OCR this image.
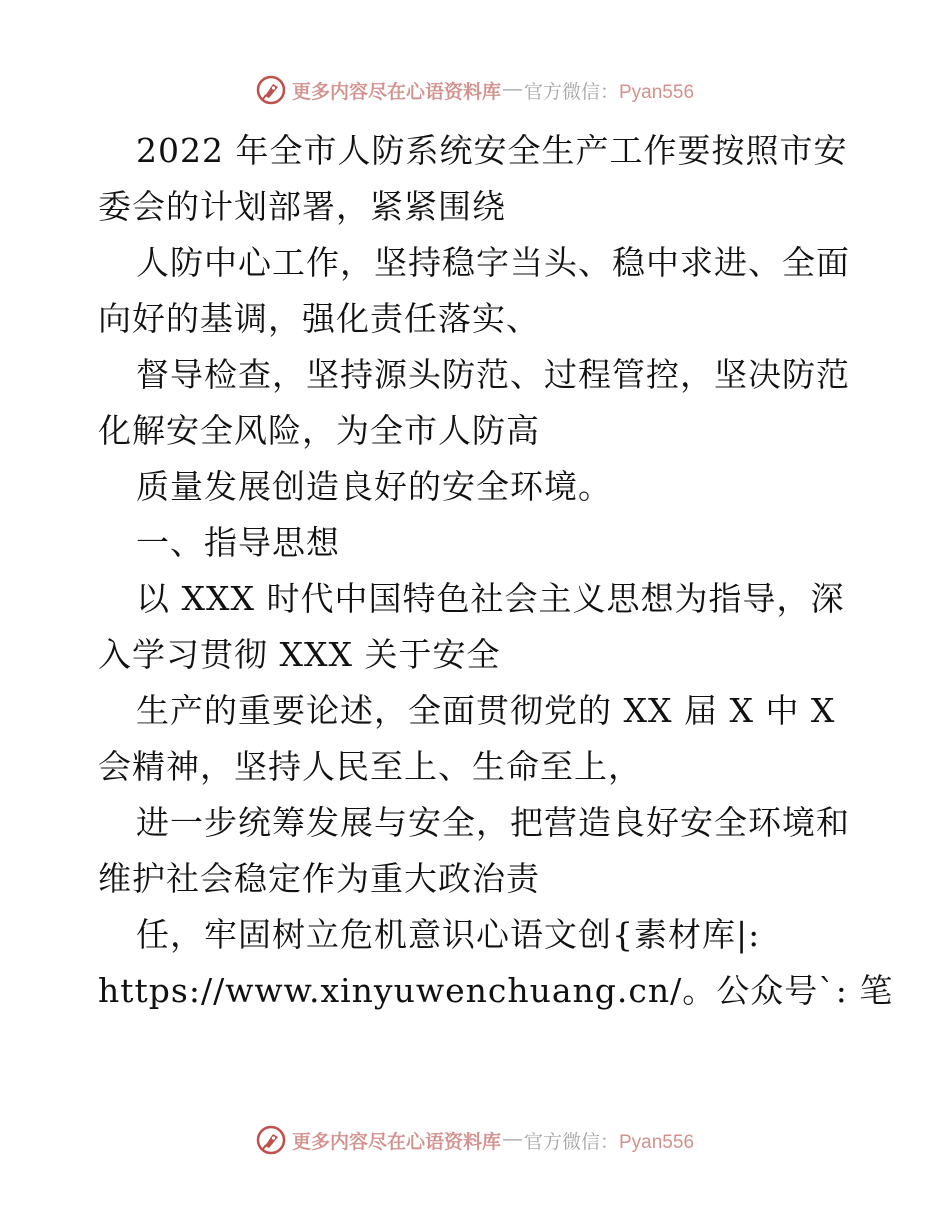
更多内容尽在心语资料库 — 官方微信：Pyan556
2022 年全市人防系统安全生产工作要按照市安
委会的计划部署，紧紧围绕
人防中心工作，坚持稳字当头、稳中求进、全面
向好的基调，强化责任落实、
督导检查，坚持源头防范、过程管控，坚决防范
化解安全风险，为全市人防高
质量发展创造良好的安全环境。
一、指导思想
以 XXX 时代中国特色社会主义思想为指导，深
入学习贯彻 XXX 关于安全
生产的重要论述，全面贯彻党的 XX 届 X 中 X
会精神，坚持人民至上、生命至上，
进一步统筹发展与安全，把营造良好安全环境和
维护社会稳定作为重大政治责
任，牢固树立危机意识心语文创{素材库|:
https://www.xinyuwenchuang.cn/。公众号`: 笔
更多内容尽在心语资料库 — 官方微信：Pyan556
